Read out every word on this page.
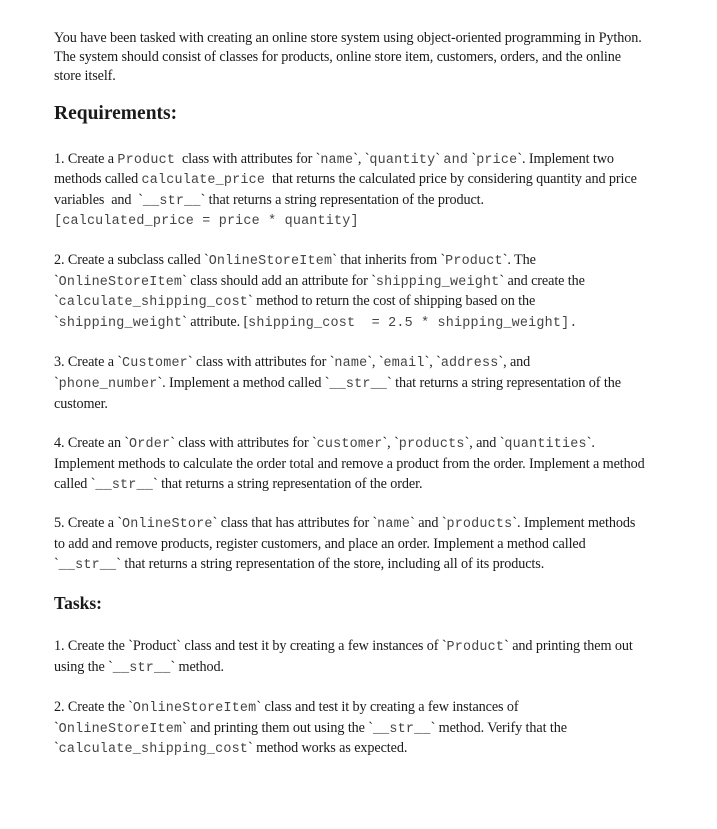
You have been tasked with creating an online store system using object-oriented programming in Python.
The system should consist of classes for products, online store item, customers, orders, and the online
store itself.
Requirements:
1. Create a Product  class with attributes for `name`, `quantity` and `price`. Implement two
methods called calculate_price  that returns the calculated price by considering quantity and price
variables  and  `__str__` that returns a string representation of the product.
[calculated_price = price * quantity]
2. Create a subclass called `OnlineStoreItem` that inherits from `Product`. The
`OnlineStoreItem` class should add an attribute for `shipping_weight` and create the
`calculate_shipping_cost` method to return the cost of shipping based on the
`shipping_weight` attribute. [shipping_cost  = 2.5 * shipping_weight].
3. Create a `Customer` class with attributes for `name`, `email`, `address`, and
`phone_number`. Implement a method called `__str__` that returns a string representation of the
customer.
4. Create an `Order` class with attributes for `customer`, `products`, and `quantities`.
Implement methods to calculate the order total and remove a product from the order. Implement a method
called `__str__` that returns a string representation of the order.
5. Create a `OnlineStore` class that has attributes for `name` and `products`. Implement methods
to add and remove products, register customers, and place an order. Implement a method called
`__str__` that returns a string representation of the store, including all of its products.
Tasks:
1. Create the `Product` class and test it by creating a few instances of `Product` and printing them out
using the `__str__` method.
2. Create the `OnlineStoreItem` class and test it by creating a few instances of
`OnlineStoreItem` and printing them out using the `__str__` method. Verify that the
`calculate_shipping_cost` method works as expected.
